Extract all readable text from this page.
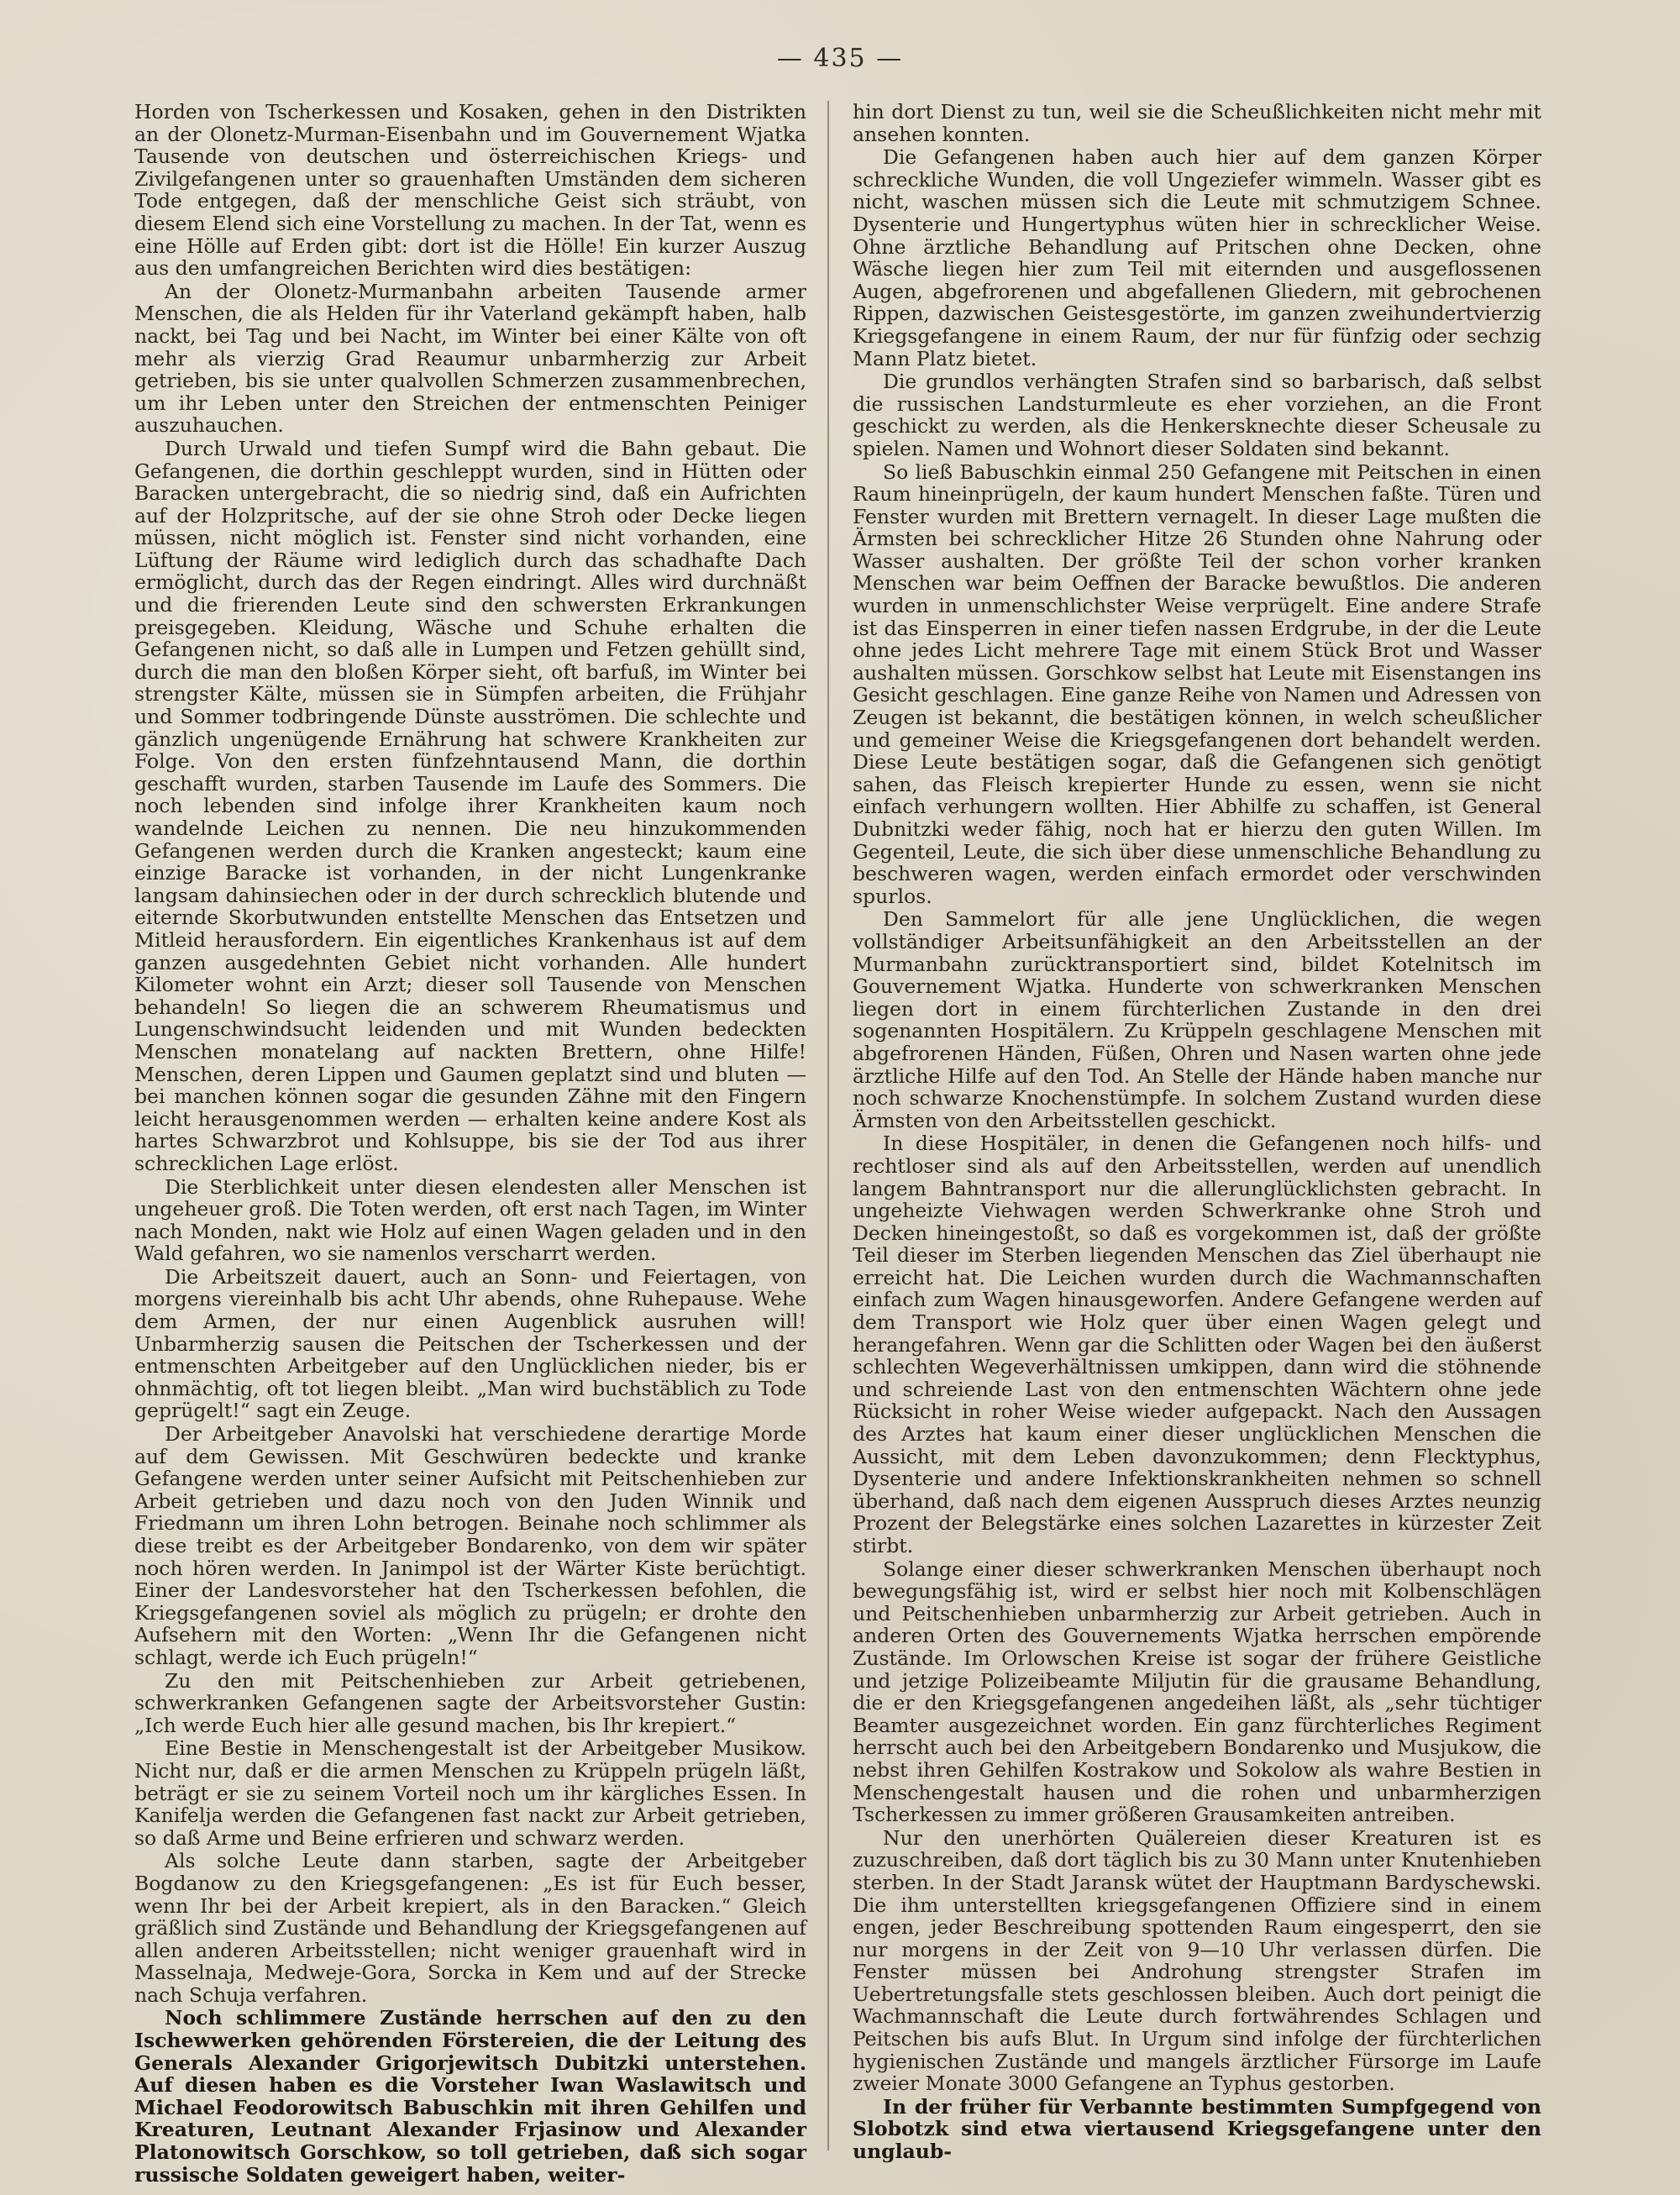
— 435 —

Horden von Tscherkessen und Kosaken, gehen in den Distrikten an der Olonetz-Murman-Eisenbahn und im Gouvernement Wjatka Tausende von deutschen und österreichischen Kriegs- und Zivilgefangenen unter so grauenhaften Umständen dem sicheren Tode entgegen, daß der menschliche Geist sich sträubt, von diesem Elend sich eine Vorstellung zu machen. In der Tat, wenn es eine Hölle auf Erden gibt: dort ist die Hölle! Ein kurzer Auszug aus den umfangreichen Berichten wird dies bestätigen:

An der Olonetz-Murmanbahn arbeiten Tausende armer Menschen, die als Helden für ihr Vaterland gekämpft haben, halb nackt, bei Tag und bei Nacht, im Winter bei einer Kälte von oft mehr als vierzig Grad Reaumur unbarmherzig zur Arbeit getrieben, bis sie unter qualvollen Schmerzen zusammenbrechen, um ihr Leben unter den Streichen der entmenschten Peiniger auszuhauchen.

Durch Urwald und tiefen Sumpf wird die Bahn gebaut. Die Gefangenen, die dorthin geschleppt wurden, sind in Hütten oder Baracken untergebracht, die so niedrig sind, daß ein Aufrichten auf der Holzpritsche, auf der sie ohne Stroh oder Decke liegen müssen, nicht möglich ist. Fenster sind nicht vorhanden, eine Lüftung der Räume wird lediglich durch das schadhafte Dach ermöglicht, durch das der Regen eindringt. Alles wird durchnäßt und die frierenden Leute sind den schwersten Erkrankungen preisgegeben. Kleidung, Wäsche und Schuhe erhalten die Gefangenen nicht, so daß alle in Lumpen und Fetzen gehüllt sind, durch die man den bloßen Körper sieht, oft barfuß, im Winter bei strengster Kälte, müssen sie in Sümpfen arbeiten, die Frühjahr und Sommer todbringende Dünste ausströmen. Die schlechte und gänzlich ungenügende Ernährung hat schwere Krankheiten zur Folge. Von den ersten fünfzehntausend Mann, die dorthin geschafft wurden, starben Tausende im Laufe des Sommers. Die noch lebenden sind infolge ihrer Krankheiten kaum noch wandelnde Leichen zu nennen. Die neu hinzukommenden Gefangenen werden durch die Kranken angesteckt; kaum eine einzige Baracke ist vorhanden, in der nicht Lungenkranke langsam dahinsiechen oder in der durch schrecklich blutende und eiternde Skorbutwunden entstellte Menschen das Entsetzen und Mitleid herausfordern. Ein eigentliches Krankenhaus ist auf dem ganzen ausgedehnten Gebiet nicht vorhanden. Alle hundert Kilometer wohnt ein Arzt; dieser soll Tausende von Menschen behandeln! So liegen die an schwerem Rheumatismus und Lungenschwindsucht leidenden und mit Wunden bedeckten Menschen monatelang auf nackten Brettern, ohne Hilfe! Menschen, deren Lippen und Gaumen geplatzt sind und bluten — bei manchen können sogar die gesunden Zähne mit den Fingern leicht herausgenommen werden — erhalten keine andere Kost als hartes Schwarzbrot und Kohlsuppe, bis sie der Tod aus ihrer schrecklichen Lage erlöst.

Die Sterblichkeit unter diesen elendesten aller Menschen ist ungeheuer groß. Die Toten werden, oft erst nach Tagen, im Winter nach Monden, nakt wie Holz auf einen Wagen geladen und in den Wald gefahren, wo sie namenlos verscharrt werden.

Die Arbeitszeit dauert, auch an Sonn- und Feiertagen, von morgens viereinhalb bis acht Uhr abends, ohne Ruhepause. Wehe dem Armen, der nur einen Augenblick ausruhen will! Unbarmherzig sausen die Peitschen der Tscherkessen und der entmenschten Arbeitgeber auf den Unglücklichen nieder, bis er ohnmächtig, oft tot liegen bleibt. „Man wird buchstäblich zu Tode geprügelt!“ sagt ein Zeuge.

Der Arbeitgeber Anavolski hat verschiedene derartige Morde auf dem Gewissen. Mit Geschwüren bedeckte und kranke Gefangene werden unter seiner Aufsicht mit Peitschenhieben zur Arbeit getrieben und dazu noch von den Juden Winnik und Friedmann um ihren Lohn betrogen. Beinahe noch schlimmer als diese treibt es der Arbeitgeber Bondarenko, von dem wir später noch hören werden. In Janimpol ist der Wärter Kiste berüchtigt. Einer der Landesvorsteher hat den Tscherkessen befohlen, die Kriegsgefangenen soviel als möglich zu prügeln; er drohte den Aufsehern mit den Worten: „Wenn Ihr die Gefangenen nicht schlagt, werde ich Euch prügeln!“

Zu den mit Peitschenhieben zur Arbeit getriebenen, schwerkranken Gefangenen sagte der Arbeitsvorsteher Gustin: „Ich werde Euch hier alle gesund machen, bis Ihr krepiert.“

Eine Bestie in Menschengestalt ist der Arbeitgeber Musikow. Nicht nur, daß er die armen Menschen zu Krüppeln prügeln läßt, beträgt er sie zu seinem Vorteil noch um ihr kärgliches Essen. In Kanifelja werden die Gefangenen fast nackt zur Arbeit getrieben, so daß Arme und Beine erfrieren und schwarz werden.

Als solche Leute dann starben, sagte der Arbeitgeber Bogdanow zu den Kriegsgefangenen: „Es ist für Euch besser, wenn Ihr bei der Arbeit krepiert, als in den Baracken.“ Gleich gräßlich sind Zustände und Behandlung der Kriegsgefangenen auf allen anderen Arbeitsstellen; nicht weniger grauenhaft wird in Masselnaja, Medweje-Gora, Sorcka in Kem und auf der Strecke nach Schuja verfahren.

Noch schlimmere Zustände herrschen auf den zu den Ischewwerken gehörenden Förstereien, die der Leitung des Generals Alexander Grigorjewitsch Dubitzki unterstehen. Auf diesen haben es die Vorsteher Iwan Waslawitsch und Michael Feodorowitsch Babuschkin mit ihren Gehilfen und Kreaturen, Leutnant Alexander Frjasinow und Alexander Platonowitsch Gorschkow, so toll getrieben, daß sich sogar russische Soldaten geweigert haben, weiter-

hin dort Dienst zu tun, weil sie die Scheußlichkeiten nicht mehr mit ansehen konnten.

Die Gefangenen haben auch hier auf dem ganzen Körper schreckliche Wunden, die voll Ungeziefer wimmeln. Wasser gibt es nicht, waschen müssen sich die Leute mit schmutzigem Schnee. Dysenterie und Hungertyphus wüten hier in schrecklicher Weise. Ohne ärztliche Behandlung auf Pritschen ohne Decken, ohne Wäsche liegen hier zum Teil mit eiternden und ausgeflossenen Augen, abgefrorenen und abgefallenen Gliedern, mit gebrochenen Rippen, dazwischen Geistesgestörte, im ganzen zweihundertvierzig Kriegsgefangene in einem Raum, der nur für fünfzig oder sechzig Mann Platz bietet.

Die grundlos verhängten Strafen sind so barbarisch, daß selbst die russischen Landsturmleute es eher vorziehen, an die Front geschickt zu werden, als die Henkersknechte dieser Scheusale zu spielen. Namen und Wohnort dieser Soldaten sind bekannt.

So ließ Babuschkin einmal 250 Gefangene mit Peitschen in einen Raum hineinprügeln, der kaum hundert Menschen faßte. Türen und Fenster wurden mit Brettern vernagelt. In dieser Lage mußten die Ärmsten bei schrecklicher Hitze 26 Stunden ohne Nahrung oder Wasser aushalten. Der größte Teil der schon vorher kranken Menschen war beim Oeffnen der Baracke bewußtlos. Die anderen wurden in unmenschlichster Weise verprügelt. Eine andere Strafe ist das Einsperren in einer tiefen nassen Erdgrube, in der die Leute ohne jedes Licht mehrere Tage mit einem Stück Brot und Wasser aushalten müssen. Gorschkow selbst hat Leute mit Eisenstangen ins Gesicht geschlagen. Eine ganze Reihe von Namen und Adressen von Zeugen ist bekannt, die bestätigen können, in welch scheußlicher und gemeiner Weise die Kriegsgefangenen dort behandelt werden. Diese Leute bestätigen sogar, daß die Gefangenen sich genötigt sahen, das Fleisch krepierter Hunde zu essen, wenn sie nicht einfach verhungern wollten. Hier Abhilfe zu schaffen, ist General Dubnitzki weder fähig, noch hat er hierzu den guten Willen. Im Gegenteil, Leute, die sich über diese unmenschliche Behandlung zu beschweren wagen, werden einfach ermordet oder verschwinden spurlos.

Den Sammelort für alle jene Unglücklichen, die wegen vollständiger Arbeitsunfähigkeit an den Arbeitsstellen an der Murmanbahn zurücktransportiert sind, bildet Kotelnitsch im Gouvernement Wjatka. Hunderte von schwerkranken Menschen liegen dort in einem fürchterlichen Zustande in den drei sogenannten Hospitälern. Zu Krüppeln geschlagene Menschen mit abgefrorenen Händen, Füßen, Ohren und Nasen warten ohne jede ärztliche Hilfe auf den Tod. An Stelle der Hände haben manche nur noch schwarze Knochenstümpfe. In solchem Zustand wurden diese Ärmsten von den Arbeitsstellen geschickt.

In diese Hospitäler, in denen die Gefangenen noch hilfs- und rechtloser sind als auf den Arbeitsstellen, werden auf unendlich langem Bahntransport nur die allerunglücklichsten gebracht. In ungeheizte Viehwagen werden Schwerkranke ohne Stroh und Decken hineingestoßt, so daß es vorgekommen ist, daß der größte Teil dieser im Sterben liegenden Menschen das Ziel überhaupt nie erreicht hat. Die Leichen wurden durch die Wachmannschaften einfach zum Wagen hinausgeworfen. Andere Gefangene werden auf dem Transport wie Holz quer über einen Wagen gelegt und herangefahren. Wenn gar die Schlitten oder Wagen bei den äußerst schlechten Wegeverhältnissen umkippen, dann wird die stöhnende und schreiende Last von den entmenschten Wächtern ohne jede Rücksicht in roher Weise wieder aufgepackt. Nach den Aussagen des Arztes hat kaum einer dieser unglücklichen Menschen die Aussicht, mit dem Leben davonzukommen; denn Flecktyphus, Dysenterie und andere Infektionskrankheiten nehmen so schnell überhand, daß nach dem eigenen Ausspruch dieses Arztes neunzig Prozent der Belegstärke eines solchen Lazarettes in kürzester Zeit stirbt.

Solange einer dieser schwerkranken Menschen überhaupt noch bewegungsfähig ist, wird er selbst hier noch mit Kolbenschlägen und Peitschenhieben unbarmherzig zur Arbeit getrieben. Auch in anderen Orten des Gouvernements Wjatka herrschen empörende Zustände. Im Orlowschen Kreise ist sogar der frühere Geistliche und jetzige Polizeibeamte Miljutin für die grausame Behandlung, die er den Kriegsgefangenen angedeihen läßt, als „sehr tüchtiger Beamter ausgezeichnet worden. Ein ganz fürchterliches Regiment herrscht auch bei den Arbeitgebern Bondarenko und Musjukow, die nebst ihren Gehilfen Kostrakow und Sokolow als wahre Bestien in Menschengestalt hausen und die rohen und unbarmherzigen Tscherkessen zu immer größeren Grausamkeiten antreiben.

Nur den unerhörten Quälereien dieser Kreaturen ist es zuzuschreiben, daß dort täglich bis zu 30 Mann unter Knutenhieben sterben. In der Stadt Jaransk wütet der Hauptmann Bardyschewski. Die ihm unterstellten kriegsgefangenen Offiziere sind in einem engen, jeder Beschreibung spottenden Raum eingesperrt, den sie nur morgens in der Zeit von 9—10 Uhr verlassen dürfen. Die Fenster müssen bei Androhung strengster Strafen im Uebertretungsfalle stets geschlossen bleiben. Auch dort peinigt die Wachmannschaft die Leute durch fortwährendes Schlagen und Peitschen bis aufs Blut. In Urgum sind infolge der fürchterlichen hygienischen Zustände und mangels ärztlicher Fürsorge im Laufe zweier Monate 3000 Gefangene an Typhus gestorben.

In der früher für Verbannte bestimmten Sumpfgegend von Slobotzk sind etwa viertausend Kriegsgefangene unter den unglaub-
